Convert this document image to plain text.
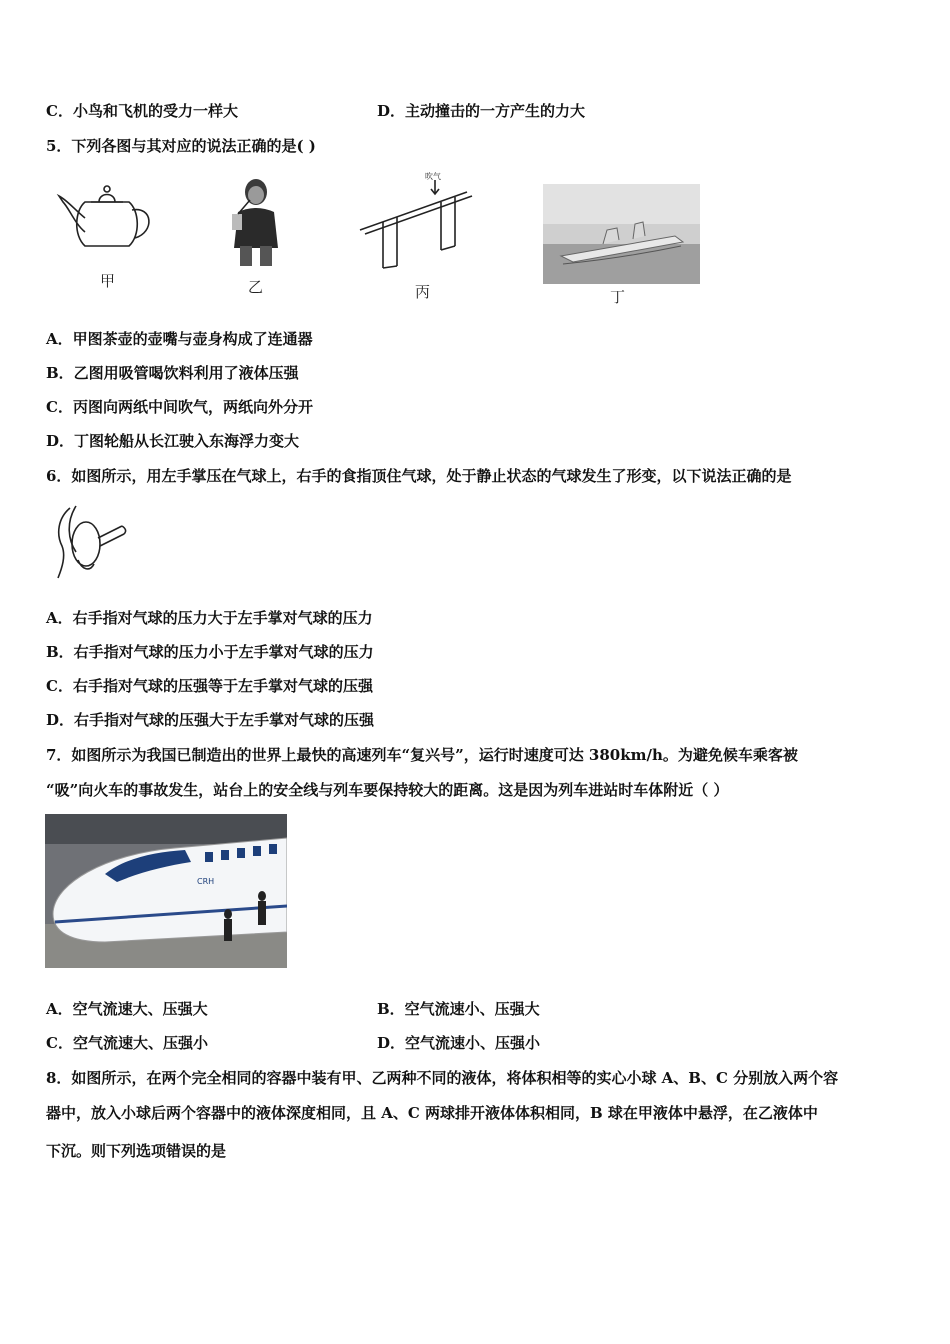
C．小鸟和飞机的受力一样大	D．主动撞击的一方产生的力大
5．下列各图与其对应的说法正确的是( )
甲	乙
吹气
丙	丁
A．甲图茶壶的壶嘴与壶身构成了连通器
B．乙图用吸管喝饮料利用了液体压强
C．丙图向两纸中间吹气，两纸向外分开
D．丁图轮船从长江驶入东海浮力变大
6．如图所示，用左手掌压在气球上，右手的食指顶住气球，处于静止状态的气球发生了形变，以下说法正确的是
A．右手指对气球的压力大于左手掌对气球的压力
B．右手指对气球的压力小于左手掌对气球的压力
C．右手指对气球的压强等于左手掌对气球的压强
D．右手指对气球的压强大于左手掌对气球的压强
7．如图所示为我国已制造出的世界上最快的高速列车“复兴号”，运行时速度可达 380km/h。为避免候车乘客被
“吸”向火车的事故发生，站台上的安全线与列车要保持较大的距离。这是因为列车进站时车体附近（ ）
CRH
A．空气流速大、压强大	B．空气流速小、压强大
C．空气流速大、压强小	D．空气流速小、压强小
8．如图所示，在两个完全相同的容器中装有甲、乙两种不同的液体，将体积相等的实心小球 A、B、C 分别放入两个容
器中，放入小球后两个容器中的液体深度相同，且 A、C 两球排开液体体积相同，B 球在甲液体中悬浮，在乙液体中
下沉。则下列选项错误的是
